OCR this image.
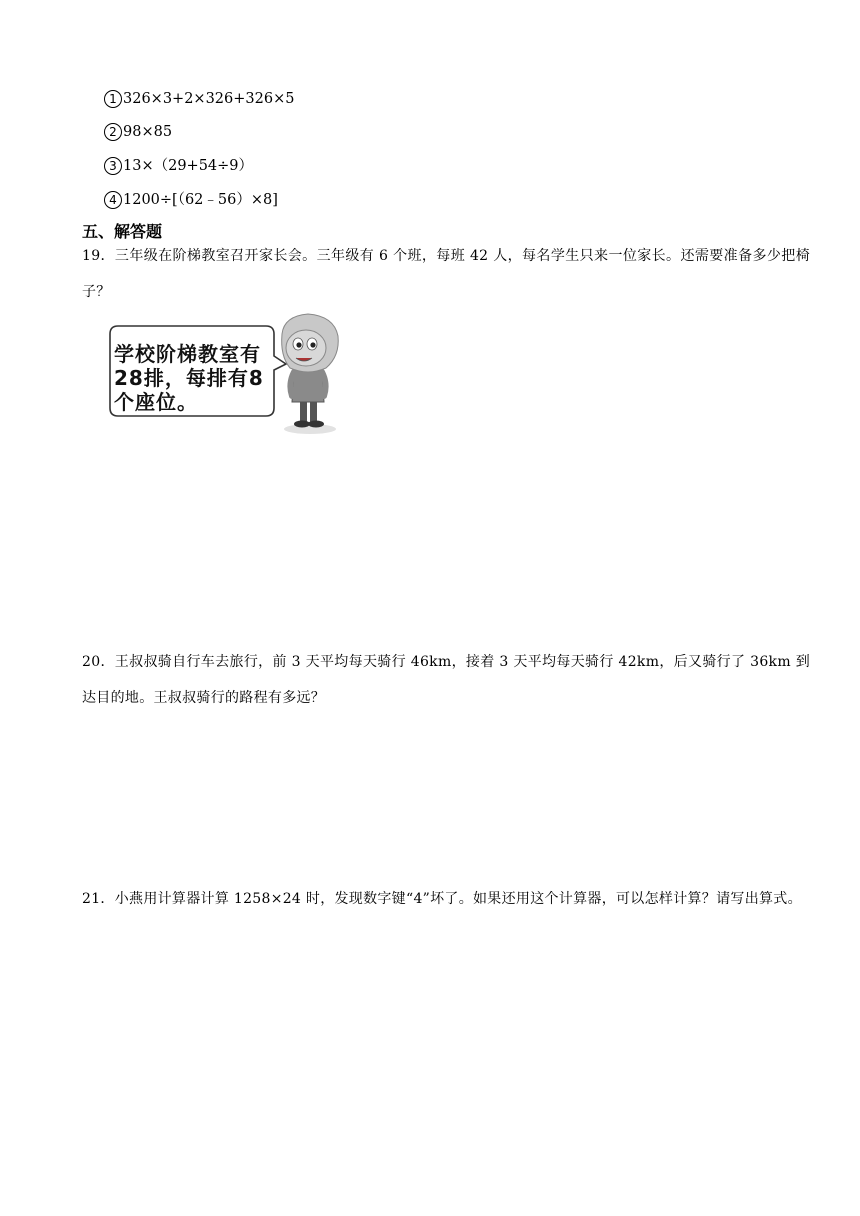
1 326×3+2×326+326×5
2 98×85
3 13×（29+54÷9）
4 1200÷[（62﹣56）×8]
五、解答题
19．三年级在阶梯教室召开家长会。三年级有 6 个班，每班 42 人，每名学生只来一位家长。还需要准备多少把椅子？
学校阶梯教室有28排，每排有8个座位。
20．王叔叔骑自行车去旅行，前 3 天平均每天骑行 46km，接着 3 天平均每天骑行 42km，后又骑行了 36km 到达目的地。王叔叔骑行的路程有多远？
21．小燕用计算器计算 1258×24 时，发现数字键“4”坏了。如果还用这个计算器，可以怎样计算？请写出算式。
